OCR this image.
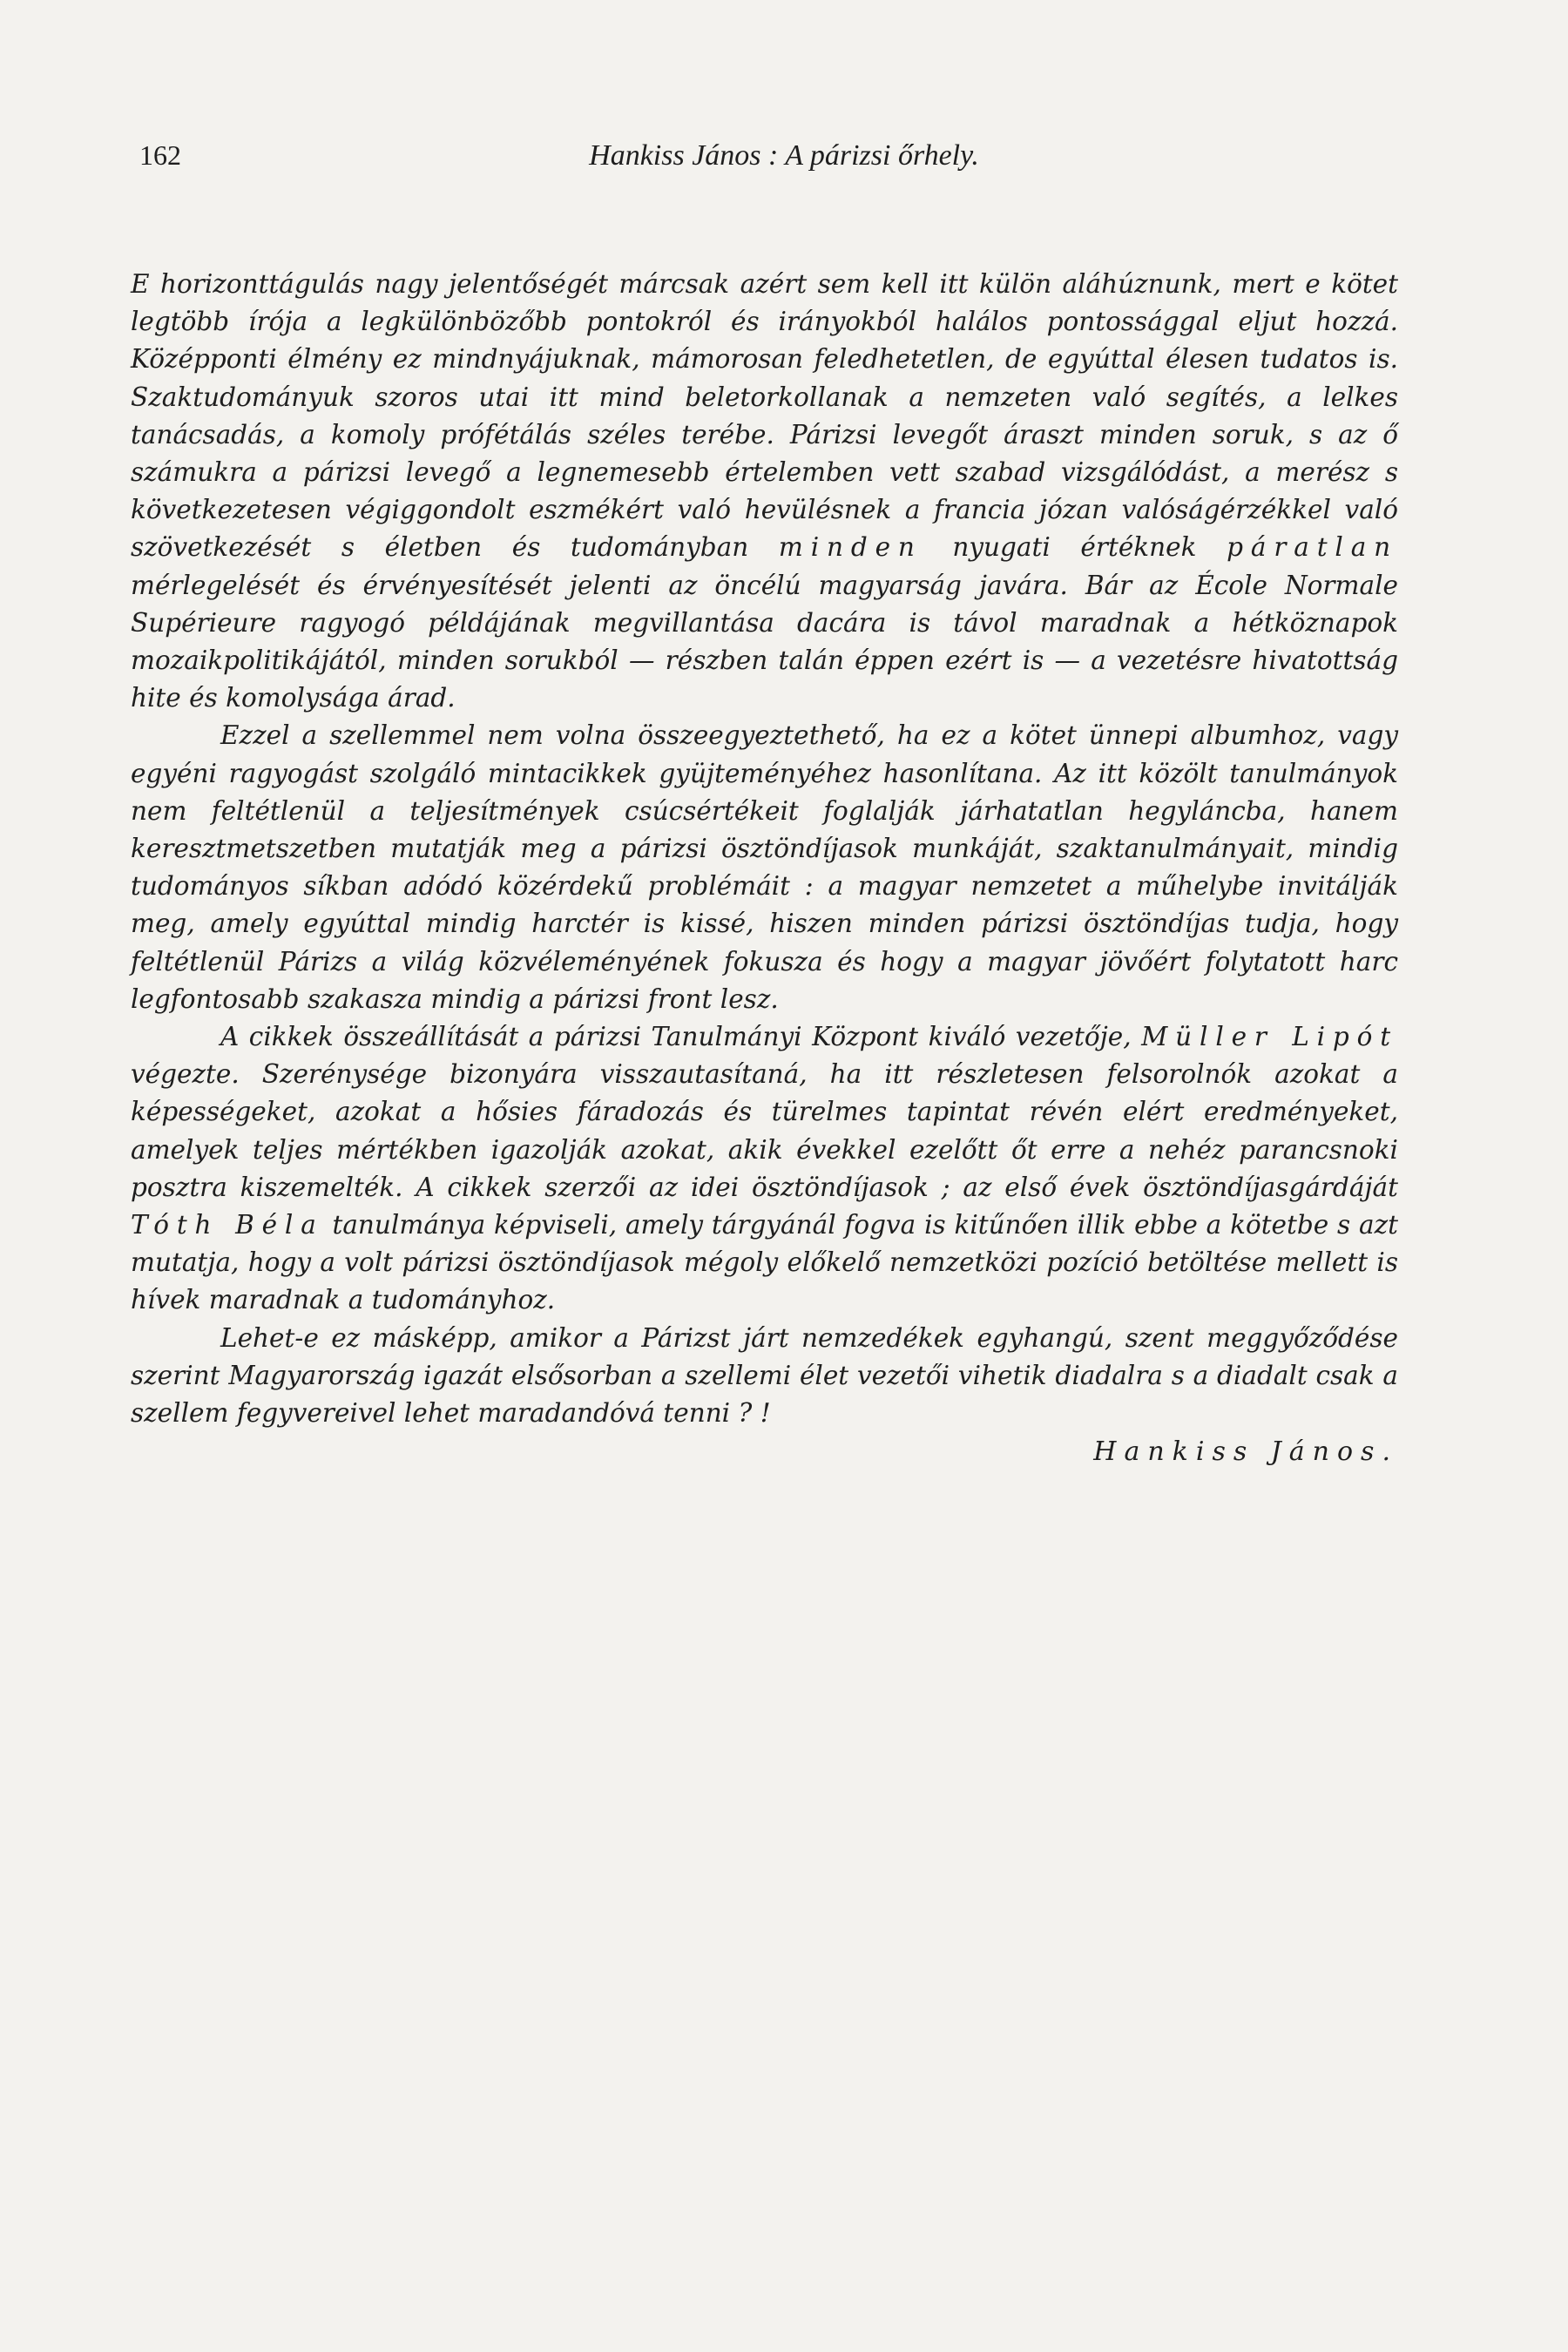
162	Hankiss János : A párizsi őrhely.

E horizonttágulás nagy jelentőségét márcsak azért sem kell itt külön aláhúznunk, mert e kötet legtöbb írója a legkülönbözőbb pontokról és irányokból halálos pontossággal eljut hozzá. Középponti élmény ez mindnyájuknak, mámorosan feledhetetlen, de egyúttal élesen tudatos is. Szaktudományuk szoros utai itt mind beletorkollanak a nemzeten való segítés, a lelkes tanácsadás, a komoly prófétálás széles terébe. Párizsi levegőt áraszt minden soruk, s az ő számukra a párizsi levegő a legnemesebb értelemben vett szabad vizsgálódást, a merész s következetesen végiggondolt eszmékért való hevülésnek a francia józan valóságérzékkel való szövetkezését s életben és tudományban minden nyugati értéknek páratlan mérlegelését és érvényesítését jelenti az öncélú magyarság javára. Bár az École Normale Supérieure ragyogó példájának megvillantása dacára is távol maradnak a hétköznapok mozaikpolitikájától, minden sorukból — részben talán éppen ezért is — a vezetésre hivatottság hite és komolysága árad.

Ezzel a szellemmel nem volna összeegyeztethető, ha ez a kötet ünnepi albumhoz, vagy egyéni ragyogást szolgáló mintacikkek gyüjteményéhez hasonlítana. Az itt közölt tanulmányok nem feltétlenül a teljesítmények csúcsértékeit foglalják járhatatlan hegyláncba, hanem keresztmetszetben mutatják meg a párizsi ösztöndíjasok munkáját, szaktanulmányait, mindig tudományos síkban adódó közérdekű problémáit : a magyar nemzetet a műhelybe invitálják meg, amely egyúttal mindig harctér is kissé, hiszen minden párizsi ösztöndíjas tudja, hogy feltétlenül Párizs a világ közvéleményének fokusza és hogy a magyar jövőért folytatott harc legfontosabb szakasza mindig a párizsi front lesz.

A cikkek összeállítását a párizsi Tanulmányi Központ kiváló vezetője, Müller Lipót végezte. Szerénysége bizonyára visszautasítaná, ha itt részletesen felsorolnók azokat a képességeket, azokat a hősies fáradozás és türelmes tapintat révén elért eredményeket, amelyek teljes mértékben igazolják azokat, akik évekkel ezelőtt őt erre a nehéz parancsnoki posztra kiszemelték. A cikkek szerzői az idei ösztöndíjasok ; az első évek ösztöndíjasgárdáját Tóth Béla tanulmánya képviseli, amely tárgyánál fogva is kitűnően illik ebbe a kötetbe s azt mutatja, hogy a volt párizsi ösztöndíjasok mégoly előkelő nemzetközi pozíció betöltése mellett is hívek maradnak a tudományhoz.

Lehet-e ez másképp, amikor a Párizst járt nemzedékek egyhangú, szent meggyőződése szerint Magyarország igazát elsősorban a szellemi élet vezetői vihetik diadalra s a diadalt csak a szellem fegyvereivel lehet maradandóvá tenni ? !

Hankiss János.
